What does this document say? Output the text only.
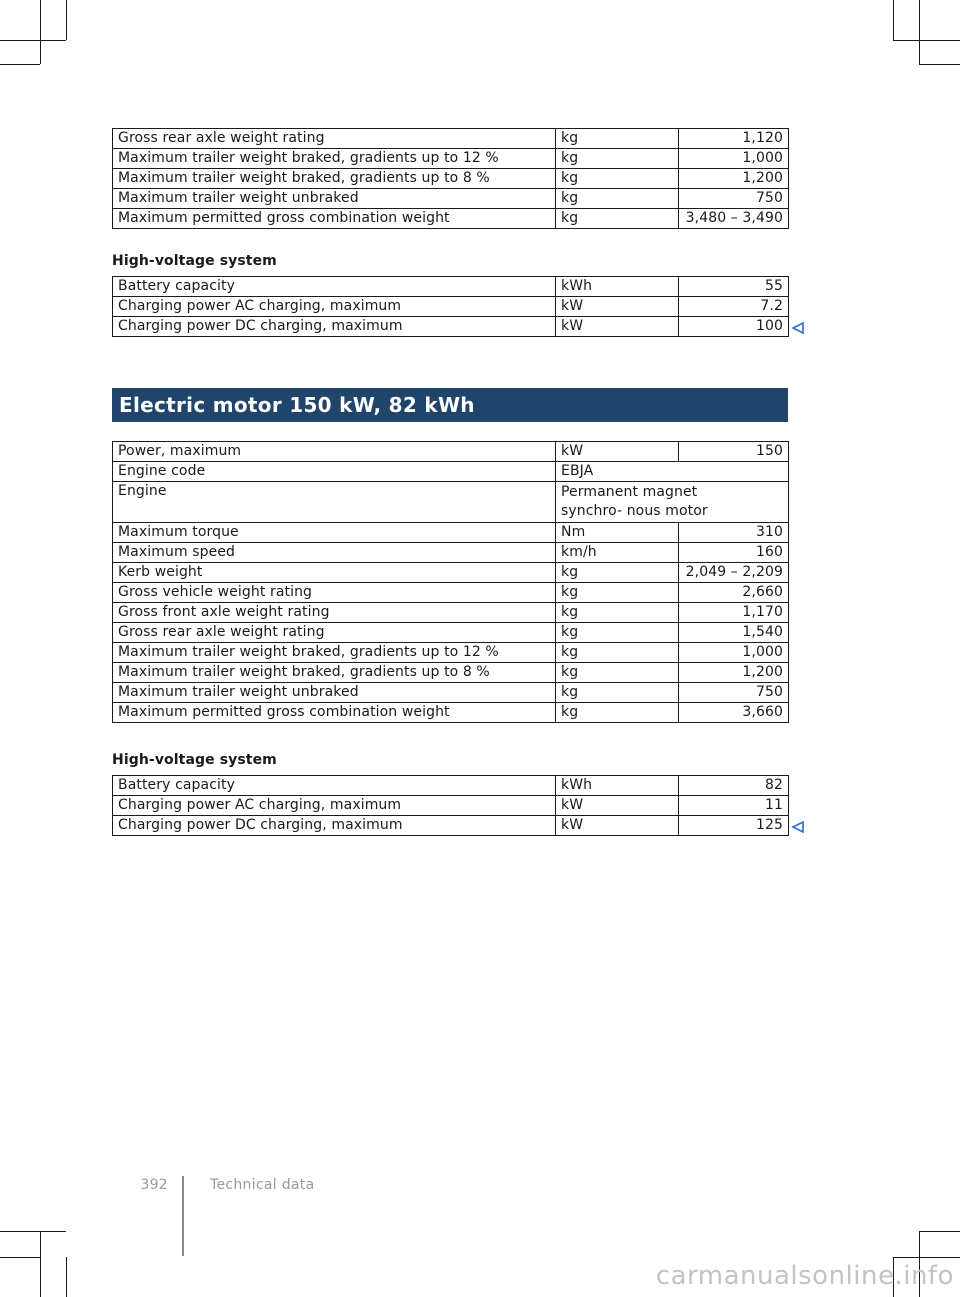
Gross rear axle weight rating	kg	1,120
Maximum trailer weight braked, gradients up to 12 %	kg	1,000
Maximum trailer weight braked, gradients up to 8 %	kg	1,200
Maximum trailer weight unbraked	kg	750
Maximum permitted gross combination weight	kg	3,480 – 3,490
High-voltage system
Battery capacity	kWh	55
Charging power AC charging, maximum	kW	7.2
Charging power DC charging, maximum	kW	100
Electric motor 150 kW, 82 kWh
Power, maximum	kW	150
Engine code	EBJA	
Engine	Permanent magnet synchro- nous motor	
Maximum torque	Nm	310
Maximum speed	km/h	160
Kerb weight	kg	2,049 – 2,209
Gross vehicle weight rating	kg	2,660
Gross front axle weight rating	kg	1,170
Gross rear axle weight rating	kg	1,540
Maximum trailer weight braked, gradients up to 12 %	kg	1,000
Maximum trailer weight braked, gradients up to 8 %	kg	1,200
Maximum trailer weight unbraked	kg	750
Maximum permitted gross combination weight	kg	3,660
High-voltage system
Battery capacity	kWh	82
Charging power AC charging, maximum	kW	11
Charging power DC charging, maximum	kW	125
392	Technical data
carmanualsonline.info
